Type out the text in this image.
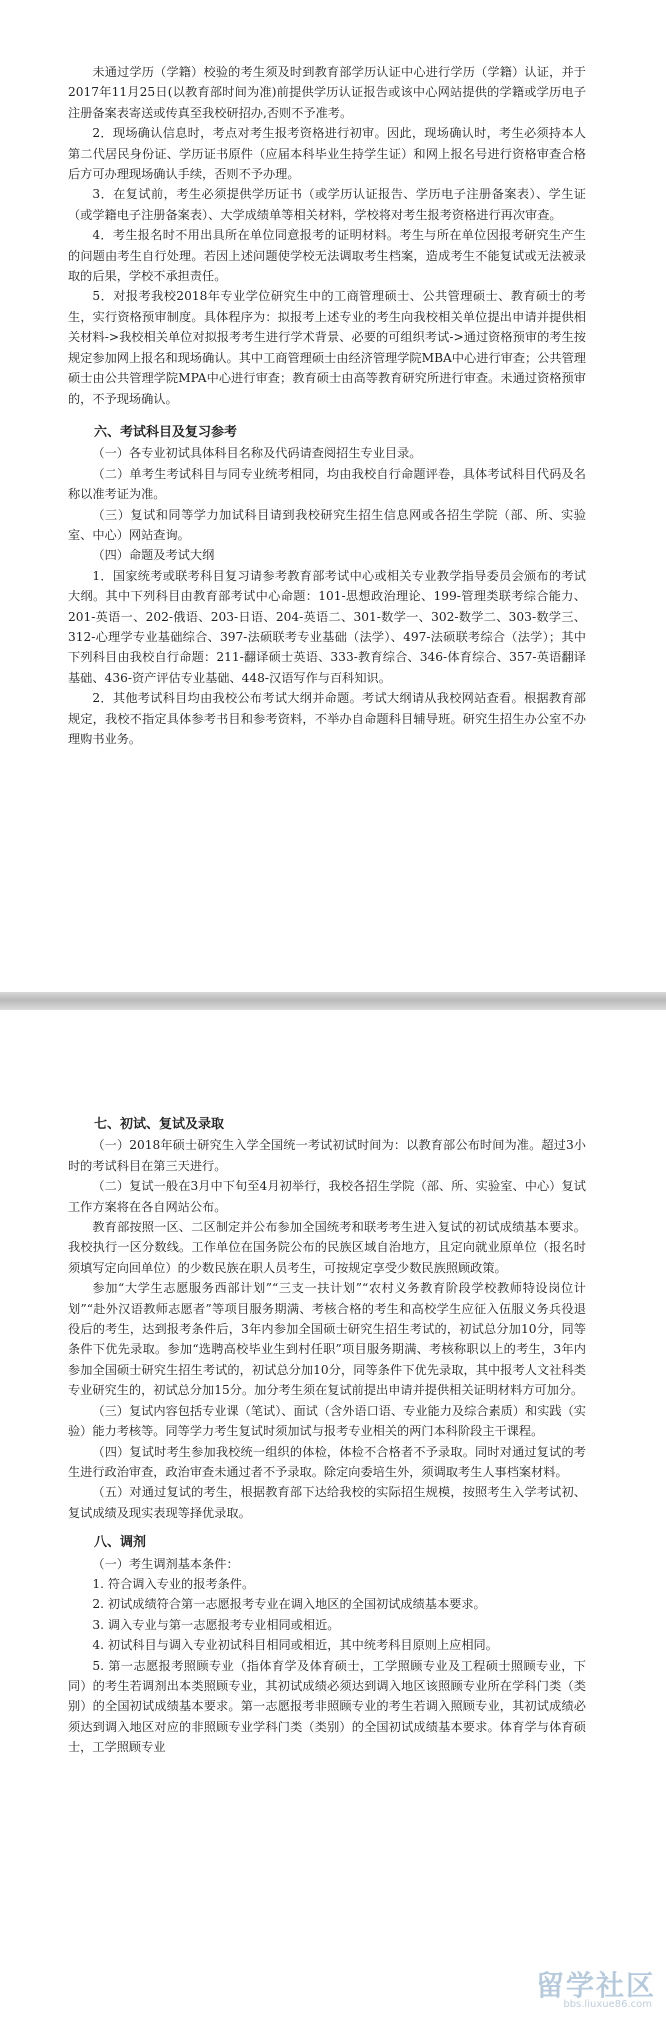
未通过学历（学籍）校验的考生须及时到教育部学历认证中心进行学历（学籍）认证，并于2017年11月25日(以教育部时间为准)前提供学历认证报告或该中心网站提供的学籍或学历电子注册备案表寄送或传真至我校研招办,否则不予准考。

2．现场确认信息时，考点对考生报考资格进行初审。因此，现场确认时，考生必须持本人第二代居民身份证、学历证书原件（应届本科毕业生持学生证）和网上报名号进行资格审查合格后方可办理现场确认手续，否则不予办理。

3．在复试前，考生必须提供学历证书（或学历认证报告、学历电子注册备案表）、学生证（或学籍电子注册备案表）、大学成绩单等相关材料，学校将对考生报考资格进行再次审查。

4．考生报名时不用出具所在单位同意报考的证明材料。考生与所在单位因报考研究生产生的问题由考生自行处理。若因上述问题使学校无法调取考生档案，造成考生不能复试或无法被录取的后果，学校不承担责任。

5．对报考我校2018年专业学位研究生中的工商管理硕士、公共管理硕士、教育硕士的考生，实行资格预审制度。具体程序为：拟报考上述专业的考生向我校相关单位提出申请并提供相关材料->我校相关单位对拟报考考生进行学术背景、必要的可组织考试->通过资格预审的考生按规定参加网上报名和现场确认。其中工商管理硕士由经济管理学院MBA中心进行审查；公共管理硕士由公共管理学院MPA中心进行审查；教育硕士由高等教育研究所进行审查。未通过资格预审的，不予现场确认。

六、考试科目及复习参考

（一）各专业初试具体科目名称及代码请查阅招生专业目录。

（二）单考生考试科目与同专业统考相同，均由我校自行命题评卷，具体考试科目代码及名称以准考证为准。

（三）复试和同等学力加试科目请到我校研究生招生信息网或各招生学院（部、所、实验室、中心）网站查询。

（四）命题及考试大纲

1．国家统考或联考科目复习请参考教育部考试中心或相关专业教学指导委员会颁布的考试大纲。其中下列科目由教育部考试中心命题：101-思想政治理论、199-管理类联考综合能力、201-英语一、202-俄语、203-日语、204-英语二、301-数学一、302-数学二、303-数学三、312-心理学专业基础综合、397-法硕联考专业基础（法学）、497-法硕联考综合（法学）；其中下列科目由我校自行命题：211-翻译硕士英语、333-教育综合、346-体育综合、357-英语翻译基础、436-资产评估专业基础、448-汉语写作与百科知识。

2．其他考试科目均由我校公布考试大纲并命题。考试大纲请从我校网站查看。根据教育部规定，我校不指定具体参考书目和参考资料，不举办自命题科目辅导班。研究生招生办公室不办理购书业务。

七、初试、复试及录取

（一）2018年硕士研究生入学全国统一考试初试时间为：以教育部公布时间为准。超过3小时的考试科目在第三天进行。

（二）复试一般在3月中下旬至4月初举行，我校各招生学院（部、所、实验室、中心）复试工作方案将在各自网站公布。

教育部按照一区、二区制定并公布参加全国统考和联考考生进入复试的初试成绩基本要求。我校执行一区分数线。工作单位在国务院公布的民族区域自治地方，且定向就业原单位（报名时须填写定向回单位）的少数民族在职人员考生，可按规定享受少数民族照顾政策。

参加“大学生志愿服务西部计划”“三支一扶计划”“农村义务教育阶段学校教师特设岗位计划”“赴外汉语教师志愿者”等项目服务期满、考核合格的考生和高校学生应征入伍服义务兵役退役后的考生，达到报考条件后，3年内参加全国硕士研究生招生考试的，初试总分加10分，同等条件下优先录取。参加“选聘高校毕业生到村任职”项目服务期满、考核称职以上的考生，3年内参加全国硕士研究生招生考试的，初试总分加10分，同等条件下优先录取，其中报考人文社科类专业研究生的，初试总分加15分。加分考生须在复试前提出申请并提供相关证明材料方可加分。

（三）复试内容包括专业课（笔试）、面试（含外语口语、专业能力及综合素质）和实践（实验）能力考核等。同等学力考生复试时须加试与报考专业相关的两门本科阶段主干课程。

（四）复试时考生参加我校统一组织的体检，体检不合格者不予录取。同时对通过复试的考生进行政治审查，政治审查未通过者不予录取。除定向委培生外，须调取考生人事档案材料。

（五）对通过复试的考生，根据教育部下达给我校的实际招生规模，按照考生入学考试初、复试成绩及现实表现等择优录取。

八、调剂

（一）考生调剂基本条件：

1. 符合调入专业的报考条件。

2. 初试成绩符合第一志愿报考专业在调入地区的全国初试成绩基本要求。

3. 调入专业与第一志愿报考专业相同或相近。

4. 初试科目与调入专业初试科目相同或相近，其中统考科目原则上应相同。

5. 第一志愿报考照顾专业（指体育学及体育硕士，工学照顾专业及工程硕士照顾专业，下同）的考生若调剂出本类照顾专业，其初试成绩必须达到调入地区该照顾专业所在学科门类（类别）的全国初试成绩基本要求。第一志愿报考非照顾专业的考生若调入照顾专业，其初试成绩必须达到调入地区对应的非照顾专业学科门类（类别）的全国初试成绩基本要求。体育学与体育硕士，工学照顾专业

留学社区
bbs.liuxue86.com
